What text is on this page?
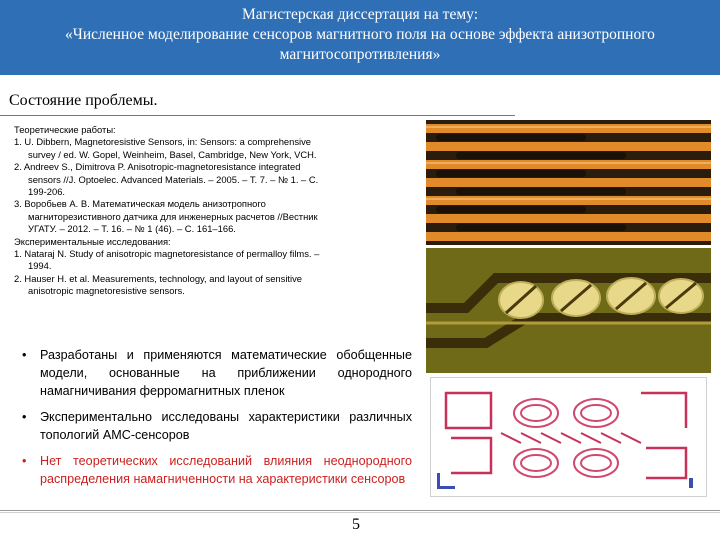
Магистерская диссертация на тему:
«Численное моделирование сенсоров магнитного поля на основе эффекта анизотропного
магнитосопротивления»
Состояние проблемы.
Теоретические работы:
1. U. Dibbern, Magnetoresistive Sensors, in: Sensors: a comprehensive
survey / ed. W. Gopel, Weinheim, Basel, Cambridge, New York, VCH.
2. Andreev S., Dimitrova P. Anisotropic-magnetoresistance integrated
sensors //J. Optoelec. Advanced Materials. – 2005. – T. 7. – № 1. – C.
199-206.
3. Воробьев А. В. Математическая модель анизотропного
магниторезистивного датчика для инженерных расчетов //Вестник
УГАТУ. – 2012. – Т. 16. – № 1 (46). – С. 161–166.
Экспериментальные исследования:
1. Nataraj N. Study of anisotropic magnetoresistance of permalloy films. –
1994.
2. Hauser H. et al. Measurements, technology, and layout of sensitive
anisotropic magnetoresistive sensors.
• Разработаны и применяются математические обобщенные модели, основанные на приближении однородного намагничивания ферромагнитных пленок
• Экспериментально исследованы характеристики различных топологий АМС-сенсоров
• Нет теоретических исследований влияния неоднородного распределения намагниченности на характеристики сенсоров
5
